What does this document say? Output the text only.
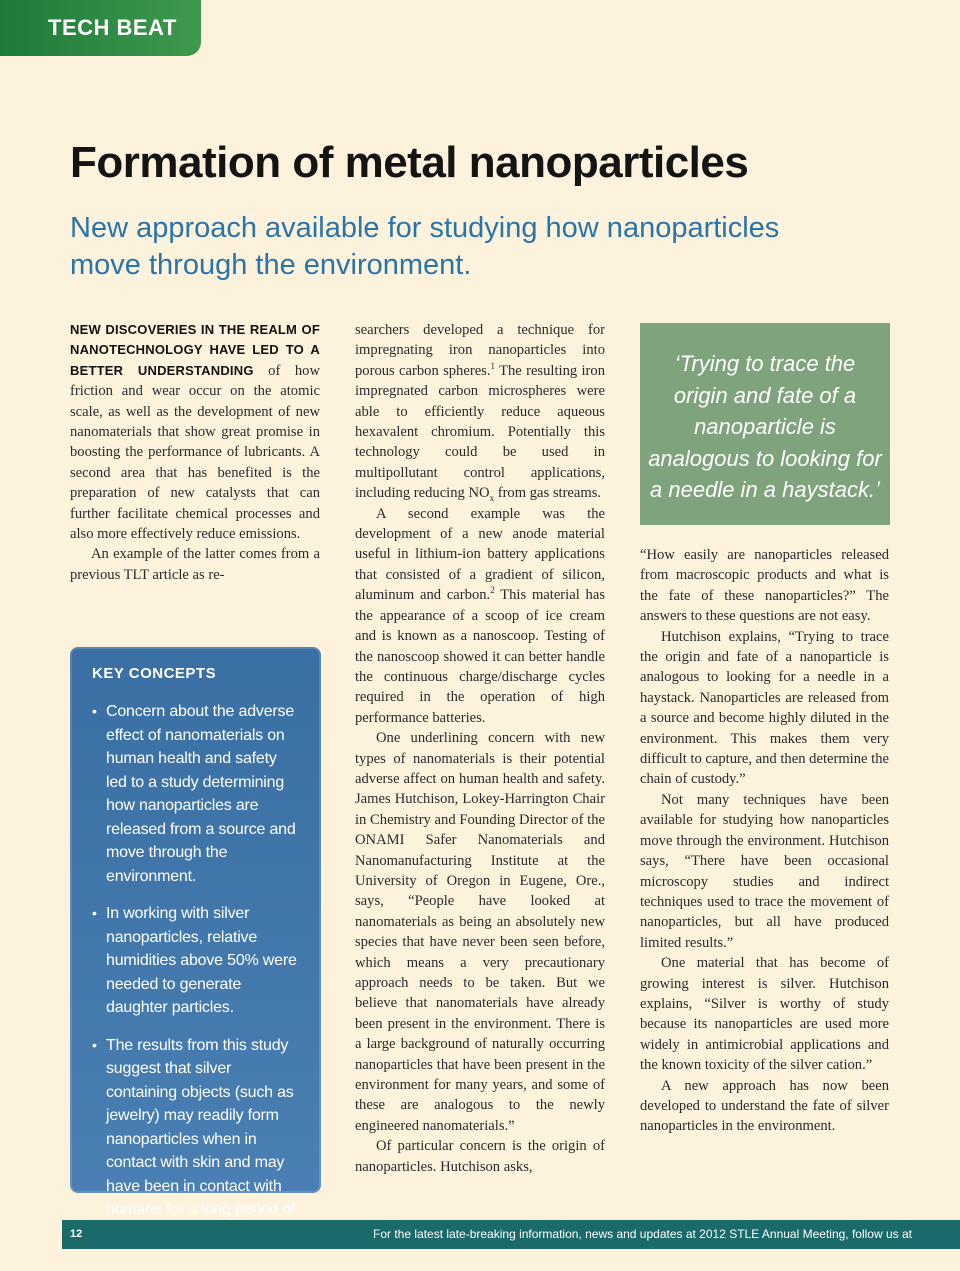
TECH BEAT
Formation of metal nanoparticles
New approach available for studying how nanoparticles move through the environment.

NEW DISCOVERIES IN THE REALM OF NANOTECHNOLOGY HAVE LED TO A BETTER UNDERSTANDING of how friction and wear occur on the atomic scale, as well as the development of new nanomaterials that show great promise in boosting the performance of lubricants. A second area that has benefited is the preparation of new catalysts that can further facilitate chemical processes and also more effectively reduce emissions.

An example of the latter comes from a previous TLT article as re-

KEY CONCEPTS
• Concern about the adverse effect of nanomaterials on human health and safety led to a study determining how nanoparticles are released from a source and move through the environment.
• In working with silver nanoparticles, relative humidities above 50% were needed to generate daughter particles.
• The results from this study suggest that silver containing objects (such as jewelry) may readily form nanoparticles when in contact with skin and may have been in contact with humans for a long period of

searchers developed a technique for impregnating iron nanoparticles into porous carbon spheres.$^1$ The resulting iron impregnated carbon microspheres were able to efficiently reduce aqueous hexavalent chromium. Potentially this technology could be used in multipollutant control applications, including reducing $NO_x$ from gas streams.

A second example was the development of a new anode material useful in lithium-ion battery applications that consisted of a gradient of silicon, aluminum and carbon.$^2$ This material has the appearance of a scoop of ice cream and is known as a nanoscoop. Testing of the nanoscoop showed it can better handle the continuous charge/discharge cycles required in the operation of high performance batteries.

One underlining concern with new types of nanomaterials is their potential adverse affect on human health and safety. James Hutchison, Lokey-Harrington Chair in Chemistry and Founding Director of the ONAMI Safer Nanomaterials and Nanomanufacturing Institute at the University of Oregon in Eugene, Ore., says, “People have looked at nanomaterials as being an absolutely new species that have never been seen before, which means a very precautionary approach needs to be taken. But we believe that nanomaterials have already been present in the environment. There is a large background of naturally occurring nanoparticles that have been present in the environment for many years, and some of these are analogous to the newly engineered nanomaterials.”

Of particular concern is the origin of nanoparticles. Hutchison asks,

‘Trying to trace the origin and fate of a nanoparticle is analogous to looking for a needle in a haystack.’

“How easily are nanoparticles released from macroscopic products and what is the fate of these nanoparticles?” The answers to these questions are not easy.

Hutchison explains, “Trying to trace the origin and fate of a nanoparticle is analogous to looking for a needle in a haystack. Nanoparticles are released from a source and become highly diluted in the environment. This makes them very difficult to capture, and then determine the chain of custody.”

Not many techniques have been available for studying how nanoparticles move through the environment. Hutchison says, “There have been occasional microscopy studies and indirect techniques used to trace the movement of nanoparticles, but all have produced limited results.”

One material that has become of growing interest is silver. Hutchison explains, “Silver is worthy of study because its nanoparticles are used more widely in antimicrobial applications and the known toxicity of the silver cation.”

A new approach has now been developed to understand the fate of silver nanoparticles in the environment.

12	For the latest late-breaking information, news and updates at 2012 STLE Annual Meeting, follow us at
